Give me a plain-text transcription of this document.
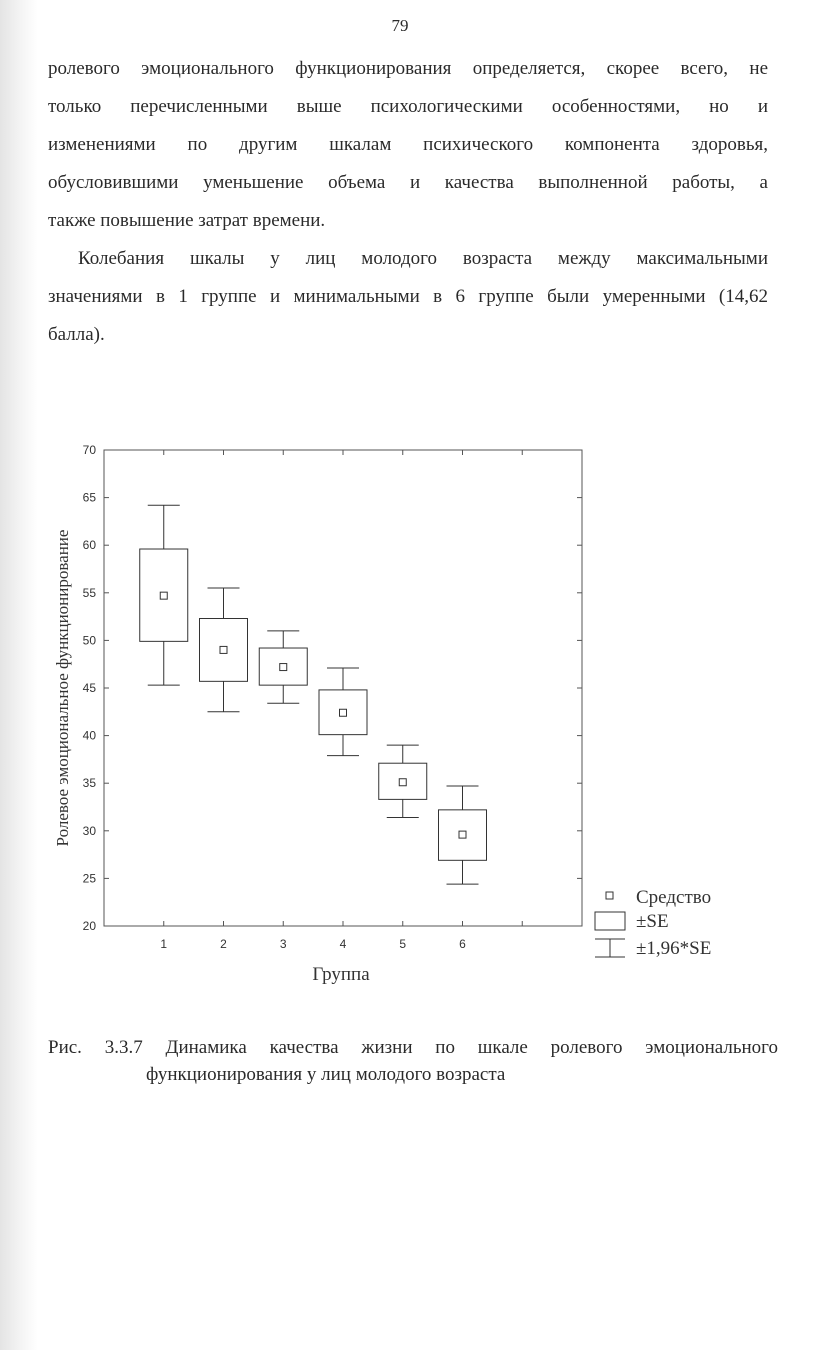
79
ролевого эмоционального функционирования определяется, скорее всего, не
только перечисленными выше психологическими особенностями, но и
изменениями по другим шкалам психического компонента здоровья,
обусловившими уменьшение объема и качества выполненной работы, а
также повышение затрат времени.
Колебания шкалы у лиц молодого возраста между максимальными
значениями в 1 группе и минимальными в 6 группе были умеренными (14,62
балла).
20
25
30
35
40
45
50
55
60
65
70
1	2	3	4	5	6
Группа
Ролевое эмоциональное функционирование
Средство
±SE
±1,96*SE
Рис. 3.3.7 Динамика качества жизни по шкале ролевого эмоционального
функционирования у лиц молодого возраста
